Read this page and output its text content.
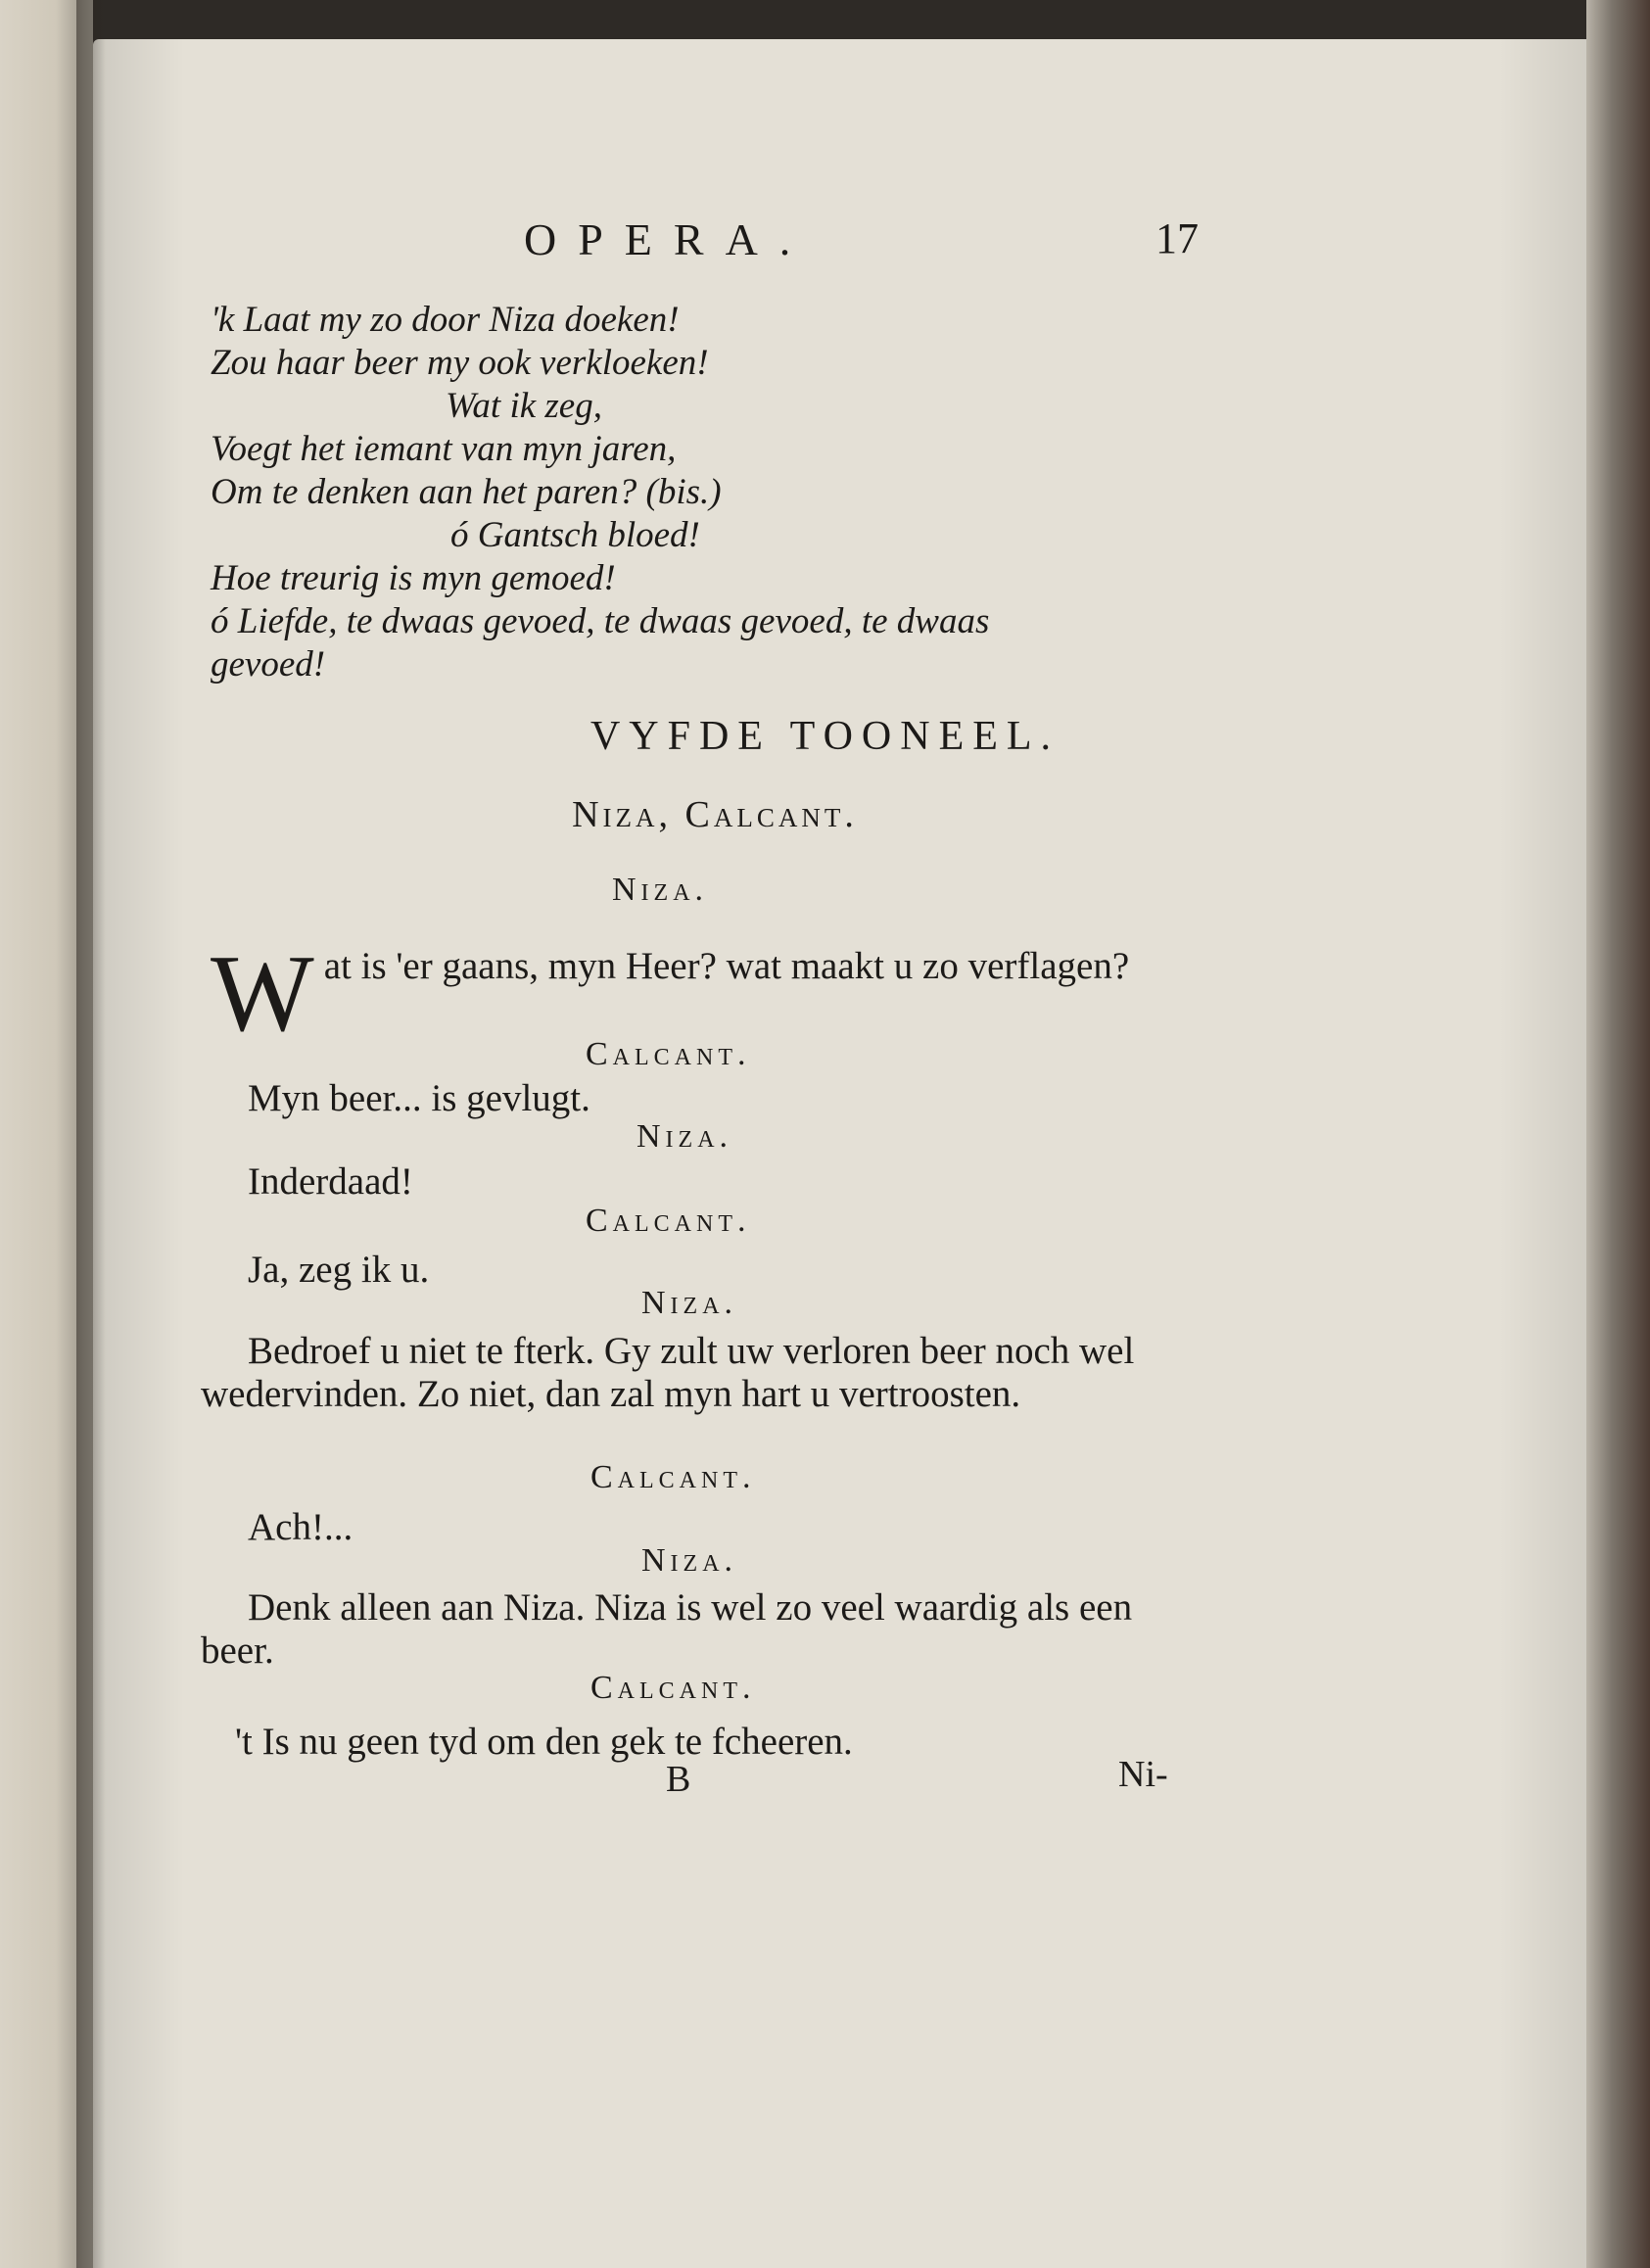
OPERA.	17
'k Laat my zo door Niza doeken!
Zou haar beer my ook verkloeken!
Wat ik zeg,
Voegt het iemant van myn jaren,
Om te denken aan het paren? (bis.)
ó Gantsch bloed!
Hoe treurig is myn gemoed!
ó Liefde, te dwaas gevoed, te dwaas gevoed, te dwaas
gevoed!
VYFDE TOONEEL.
Niza, Calcant.
Niza.
Wat is 'er gaans, myn Heer? wat maakt u zo verflagen?
Calcant.
Myn beer... is gevlugt.
Niza.
Inderdaad!
Calcant.
Ja, zeg ik u.
Niza.
Bedroef u niet te fterk. Gy zult uw verloren beer noch wel wedervinden. Zo niet, dan zal myn hart u vertroosten.
Calcant.
Ach!...
Niza.
Denk alleen aan Niza. Niza is wel zo veel waardig als een beer.
Calcant.
't Is nu geen tyd om den gek te fcheeren.
B	Ni-
